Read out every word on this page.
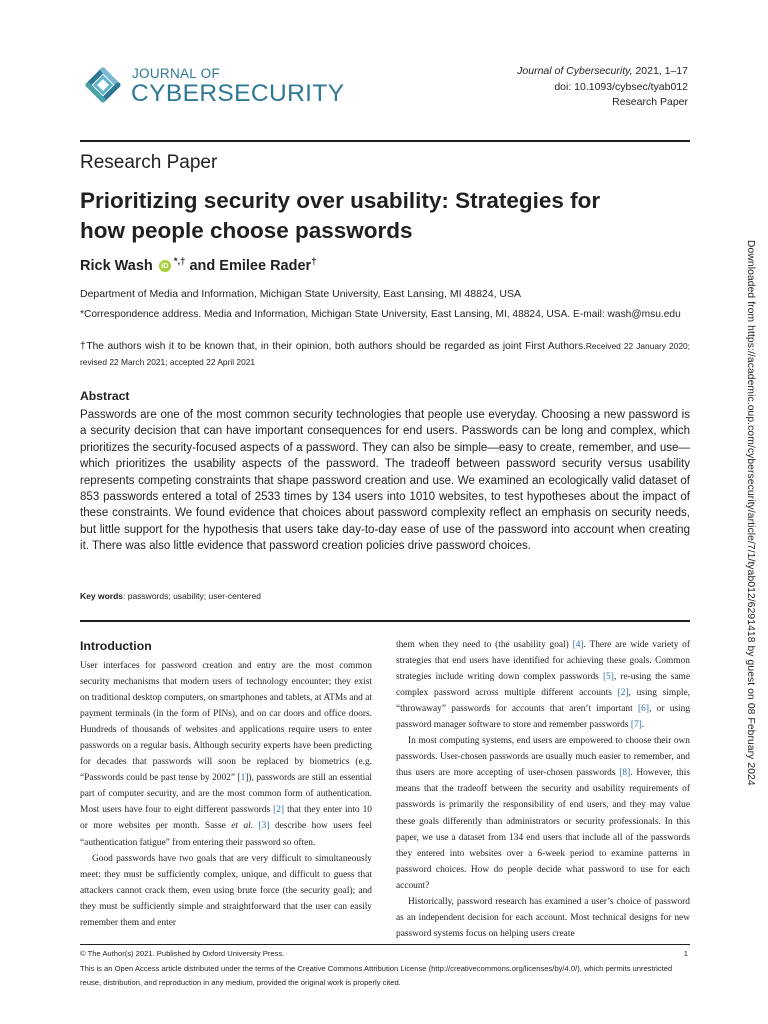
JOURNAL OF
CYBERSECURITY
Journal of Cybersecurity, 2021, 1–17
doi: 10.1093/cybsec/tyab012
Research Paper
Research Paper
Prioritizing security over usability: Strategies for how people choose passwords
Rick Wash iD *,† and Emilee Rader†
Department of Media and Information, Michigan State University, East Lansing, MI 48824, USA
*Correspondence address. Media and Information, Michigan State University, East Lansing, MI, 48824, USA. E-mail: wash@msu.edu
†The authors wish it to be known that, in their opinion, both authors should be regarded as joint First Authors.Received 22 January 2020; revised 22 March 2021; accepted 22 April 2021	Downloaded from https://academic.oup.com/cybersecurity/article/7/1/tyab012/6291418 by guest on 08 February 2024
Abstract
Passwords are one of the most common security technologies that people use everyday. Choosing a new password is a security decision that can have important consequences for end users. Passwords can be long and complex, which prioritizes the security-focused aspects of a password. They can also be simple—easy to create, remember, and use—which prioritizes the usability aspects of the password. The tradeoff between password security versus usability represents competing constraints that shape password creation and use. We examined an ecologically valid dataset of 853 passwords entered a total of 2533 times by 134 users into 1010 websites, to test hypotheses about the impact of these constraints. We found evidence that choices about password complexity reflect an emphasis on security needs, but little support for the hypothesis that users take day-to-day ease of use of the password into account when creating it. There was also little evidence that password creation policies drive password choices.
Key words: passwords; usability; user-centered
Introduction

User interfaces for password creation and entry are the most common security mechanisms that modern users of technology encounter; they exist on traditional desktop computers, on smartphones and tablets, at ATMs and at payment terminals (in the form of PINs), and on car doors and office doors. Hundreds of thousands of websites and applications require users to enter passwords on a regular basis. Although security experts have been predicting for decades that passwords will soon be replaced by biometrics (e.g. “Passwords could be past tense by 2002” [1]), passwords are still an essential part of computer security, and are the most common form of authentication. Most users have four to eight different passwords [2] that they enter into 10 or more websites per month. Sasse et al. [3] describe how users feel “authentication fatigue” from entering their password so often.

Good passwords have two goals that are very difficult to simultaneously meet: they must be sufficiently complex, unique, and difficult to guess that attackers cannot crack them, even using brute force (the security goal); and they must be sufficiently simple and straightforward that the user can easily remember them and enter

them when they need to (the usability goal) [4]. There are wide variety of strategies that end users have identified for achieving these goals. Common strategies include writing down complex passwords [5], re-using the same complex password across multiple different accounts [2], using simple, “throwaway” passwords for accounts that aren’t important [6], or using password manager software to store and remember passwords [7].

In most computing systems, end users are empowered to choose their own passwords. User-chosen passwords are usually much easier to remember, and thus users are more accepting of user-chosen passwords [8]. However, this means that the tradeoff between the security and usability requirements of passwords is primarily the responsibility of end users, and they may value these goals differently than administrators or security professionals. In this paper, we use a dataset from 134 end users that include all of the passwords they entered into websites over a 6-week period to examine patterns in password choices. How do people decide what password to use for each account?

Historically, password research has examined a user’s choice of password as an independent decision for each account. Most technical designs for new password systems focus on helping users create

© The Author(s) 2021. Published by Oxford University Press.	1
This is an Open Access article distributed under the terms of the Creative Commons Attribution License (http://creativecommons.org/licenses/by/4.0/), which permits unrestricted reuse, distribution, and reproduction in any medium, provided the original work is properly cited.
